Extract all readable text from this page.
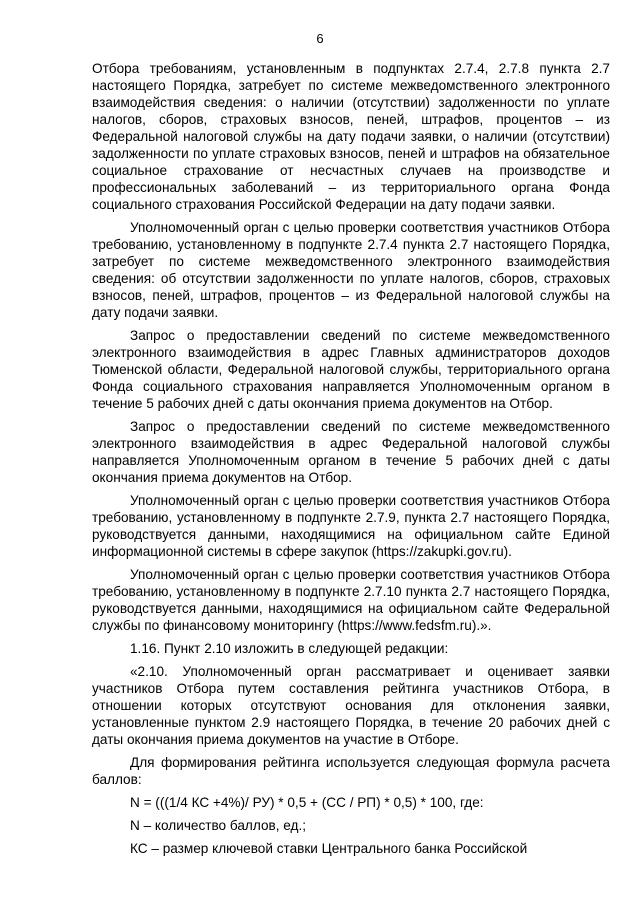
6

Отбора требованиям, установленным в подпунктах 2.7.4, 2.7.8 пункта 2.7 настоящего Порядка, затребует по системе межведомственного электронного взаимодействия сведения: о наличии (отсутствии) задолженности по уплате налогов, сборов, страховых взносов, пеней, штрафов, процентов – из Федеральной налоговой службы на дату подачи заявки, о наличии (отсутствии) задолженности по уплате страховых взносов, пеней и штрафов на обязательное социальное страхование от несчастных случаев на производстве и профессиональных заболеваний – из территориального органа Фонда социального страхования Российской Федерации на дату подачи заявки.

Уполномоченный орган с целью проверки соответствия участников Отбора требованию, установленному в подпункте 2.7.4 пункта 2.7 настоящего Порядка, затребует по системе межведомственного электронного взаимодействия сведения: об отсутствии задолженности по уплате налогов, сборов, страховых взносов, пеней, штрафов, процентов – из Федеральной налоговой службы на дату подачи заявки.

Запрос о предоставлении сведений по системе межведомственного электронного взаимодействия в адрес Главных администраторов доходов Тюменской области, Федеральной налоговой службы, территориального органа Фонда социального страхования направляется Уполномоченным органом в течение 5 рабочих дней с даты окончания приема документов на Отбор.

Запрос о предоставлении сведений по системе межведомственного электронного взаимодействия в адрес Федеральной налоговой службы направляется Уполномоченным органом в течение 5 рабочих дней с даты окончания приема документов на Отбор.

Уполномоченный орган с целью проверки соответствия участников Отбора требованию, установленному в подпункте 2.7.9, пункта 2.7 настоящего Порядка, руководствуется данными, находящимися на официальном сайте Единой информационной системы в сфере закупок (https://zakupki.gov.ru).

Уполномоченный орган с целью проверки соответствия участников Отбора требованию, установленному в подпункте 2.7.10 пункта 2.7 настоящего Порядка, руководствуется данными, находящимися на официальном сайте Федеральной службы по финансовому мониторингу (https://www.fedsfm.ru).».

1.16. Пункт 2.10 изложить в следующей редакции:

«2.10. Уполномоченный орган рассматривает и оценивает заявки участников Отбора путем составления рейтинга участников Отбора, в отношении которых отсутствуют основания для отклонения заявки, установленные пунктом 2.9 настоящего Порядка, в течение 20 рабочих дней с даты окончания приема документов на участие в Отборе.

Для формирования рейтинга используется следующая формула расчета баллов:

N = (((1/4 КС +4%)/ РУ) * 0,5 + (СС / РП) * 0,5) * 100, где:

N – количество баллов, ед.;

КС – размер ключевой ставки Центрального банка Российской
